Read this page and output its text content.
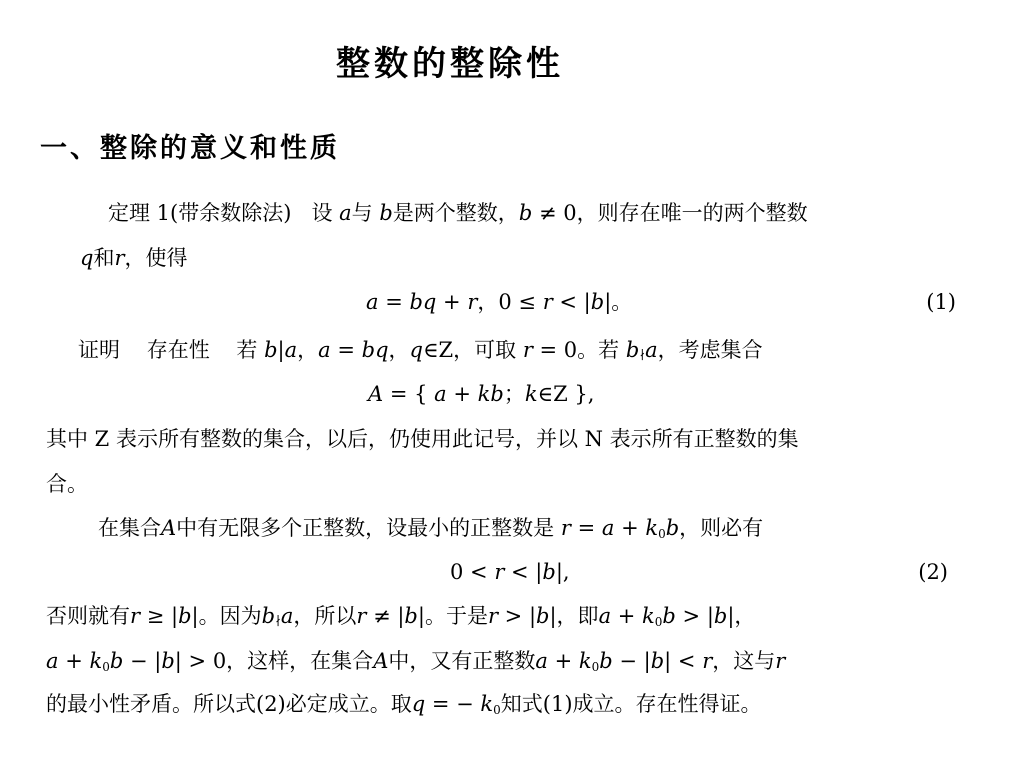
整数的整除性
一、整除的意义和性质
定理 1(带余数除法) 设 a与 b是两个整数，b ≠ 0，则存在唯一的两个整数
q和r，使得
a = bq + r，0 ≤ r < |b|。	(1)
证明 存在性 若 b|a，a = bq，q∈Z，可取 r = 0。若 b∤a，考虑集合
A = { a + kb；k∈Z },
其中 Z 表示所有整数的集合，以后，仍使用此记号，并以 N 表示所有正整数的集
合。
在集合A中有无限多个正整数，设最小的正整数是 $r = a + k_0b$，则必有
0 < r < |b|,	(2)
否则就有r ≥ |b|。因为b∤a，所以r ≠ |b|。于是r > |b|，即$a + k_0b > |b|$，
$a + k_0b - |b| > 0$，这样，在集合A中，又有正整数$a + k_0b - |b| < r$，这与r
的最小性矛盾。所以式(2)必定成立。取q = − $k_0$知式(1)成立。存在性得证。
